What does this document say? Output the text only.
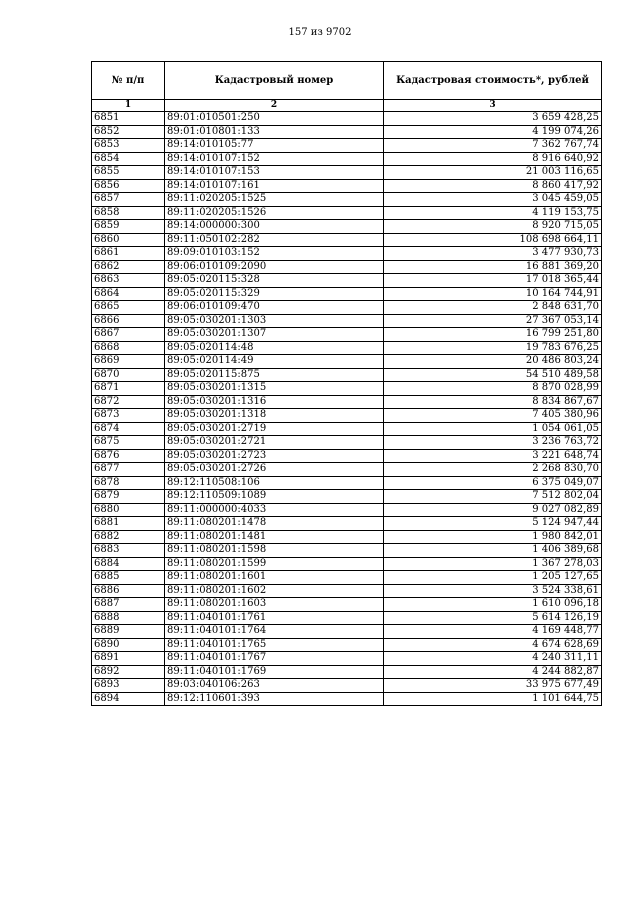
157 из 9702
№ п/п	Кадастровый номер	Кадастровая стоимость*, рублей
1	2	3
6851	89:01:010501:250	3 659 428,25
6852	89:01:010801:133	4 199 074,26
6853	89:14:010105:77	7 362 767,74
6854	89:14:010107:152	8 916 640,92
6855	89:14:010107:153	21 003 116,65
6856	89:14:010107:161	8 860 417,92
6857	89:11:020205:1525	3 045 459,05
6858	89:11:020205:1526	4 119 153,75
6859	89:14:000000:300	8 920 715,05
6860	89:11:050102:282	108 698 664,11
6861	89:09:010103:152	3 477 930,73
6862	89:06:010109:2090	16 881 369,20
6863	89:05:020115:328	17 018 365,44
6864	89:05:020115:329	10 164 744,91
6865	89:06:010109:470	2 848 631,70
6866	89:05:030201:1303	27 367 053,14
6867	89:05:030201:1307	16 799 251,80
6868	89:05:020114:48	19 783 676,25
6869	89:05:020114:49	20 486 803,24
6870	89:05:020115:875	54 510 489,58
6871	89:05:030201:1315	8 870 028,99
6872	89:05:030201:1316	8 834 867,67
6873	89:05:030201:1318	7 405 380,96
6874	89:05:030201:2719	1 054 061,05
6875	89:05:030201:2721	3 236 763,72
6876	89:05:030201:2723	3 221 648,74
6877	89:05:030201:2726	2 268 830,70
6878	89:12:110508:106	6 375 049,07
6879	89:12:110509:1089	7 512 802,04
6880	89:11:000000:4033	9 027 082,89
6881	89:11:080201:1478	5 124 947,44
6882	89:11:080201:1481	1 980 842,01
6883	89:11:080201:1598	1 406 389,68
6884	89:11:080201:1599	1 367 278,03
6885	89:11:080201:1601	1 205 127,65
6886	89:11:080201:1602	3 524 338,61
6887	89:11:080201:1603	1 610 096,18
6888	89:11:040101:1761	5 614 126,19
6889	89:11:040101:1764	4 169 448,77
6890	89:11:040101:1765	4 674 628,69
6891	89:11:040101:1767	4 240 311,11
6892	89:11:040101:1769	4 244 882,87
6893	89:03:040106:263	33 975 677,49
6894	89:12:110601:393	1 101 644,75
